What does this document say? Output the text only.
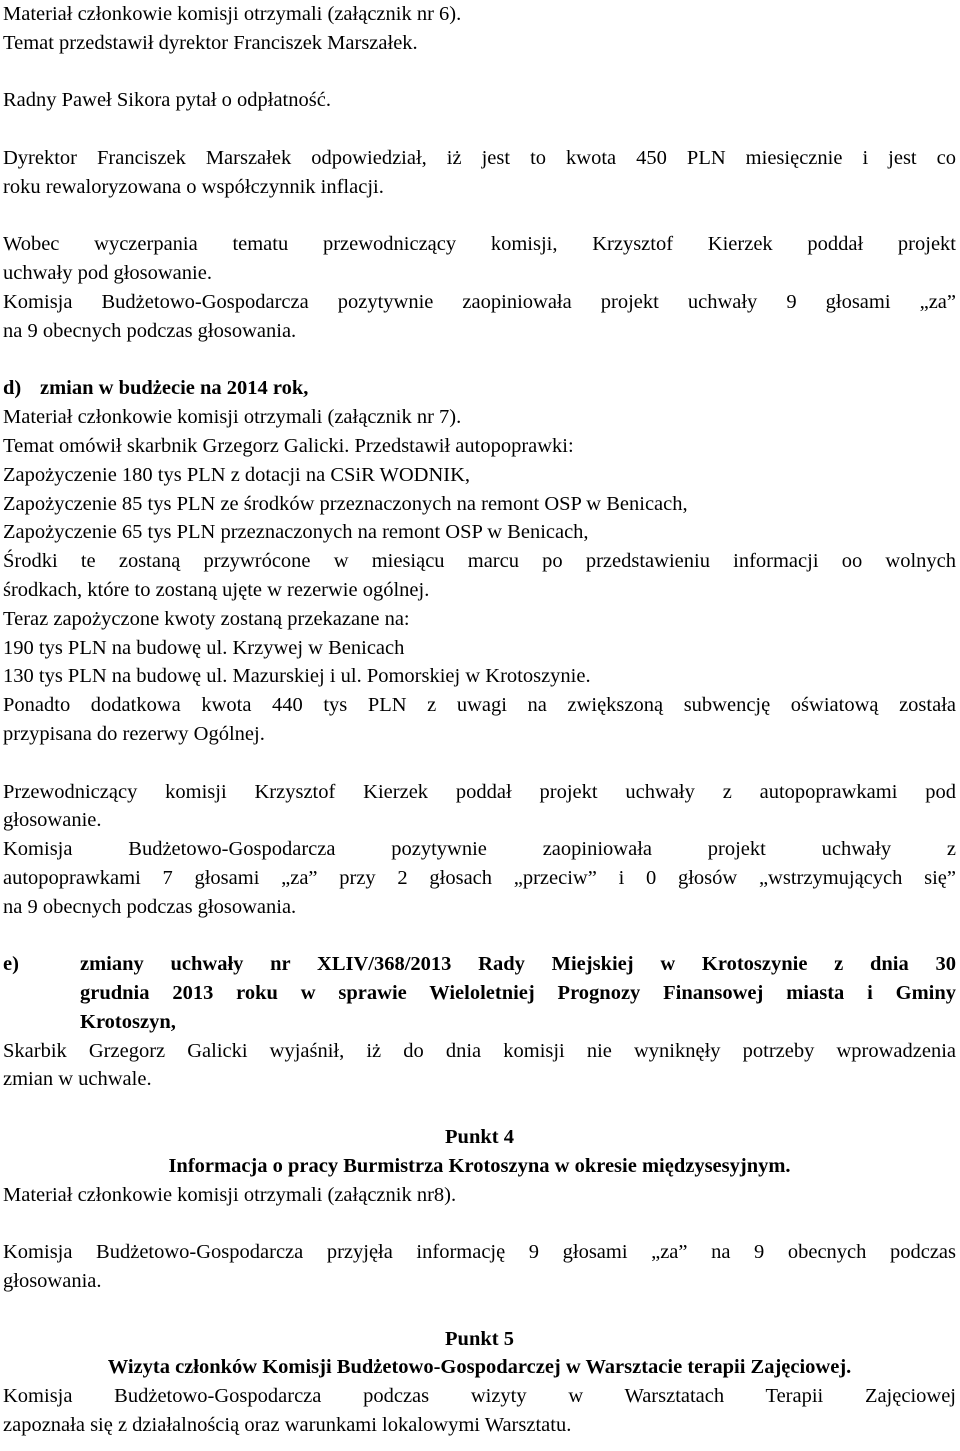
Materiał członkowie komisji otrzymali (załącznik nr 6).

Temat przedstawił dyrektor Franciszek Marszałek.

Radny Paweł Sikora pytał o odpłatność.

Dyrektor Franciszek Marszałek odpowiedział, iż jest to kwota 450 PLN miesięcznie i jest co

roku rewaloryzowana o współczynnik inflacji.

Wobec wyczerpania tematu przewodniczący komisji, Krzysztof Kierzek poddał projekt

uchwały pod głosowanie.

Komisja Budżetowo-Gospodarcza pozytywnie zaopiniowała projekt uchwały 9 głosami „za”

na 9 obecnych podczas głosowania.

d) zmian w budżecie na 2014 rok,

Materiał członkowie komisji otrzymali (załącznik nr 7).

Temat omówił skarbnik Grzegorz Galicki. Przedstawił autopoprawki:

Zapożyczenie 180 tys PLN z dotacji na CSiR WODNIK,

Zapożyczenie 85 tys PLN ze środków przeznaczonych na remont OSP w Benicach,

Zapożyczenie 65 tys PLN przeznaczonych na remont OSP w Benicach,

Środki te zostaną przywrócone w miesiącu marcu po przedstawieniu informacji oo wolnych

środkach, które to zostaną ujęte w rezerwie ogólnej.

Teraz zapożyczone kwoty zostaną przekazane na:

190 tys PLN na budowę ul. Krzywej w Benicach

130 tys PLN na budowę ul. Mazurskiej i ul. Pomorskiej w Krotoszynie.

Ponadto dodatkowa kwota 440 tys PLN z uwagi na zwiększoną subwencję oświatową została

przypisana do rezerwy Ogólnej.

Przewodniczący komisji Krzysztof Kierzek poddał projekt uchwały z autopoprawkami pod

głosowanie.

Komisja Budżetowo-Gospodarcza pozytywnie zaopiniowała projekt uchwały z

autopoprawkami 7 głosami „za” przy 2 głosach „przeciw” i 0 głosów „wstrzymujących się”

na 9 obecnych podczas głosowania.

e)	zmiany uchwały nr XLIV/368/2013 Rady Miejskiej w Krotoszynie z dnia 30
grudnia 2013 roku w sprawie Wieloletniej Prognozy Finansowej miasta i Gminy
Krotoszyn,

Skarbik Grzegorz Galicki wyjaśnił, iż do dnia komisji nie wyniknęły potrzeby wprowadzenia

zmian w uchwale.

Punkt 4

Informacja o pracy Burmistrza Krotoszyna w okresie międzysesyjnym.

Materiał członkowie komisji otrzymali (załącznik nr8).

Komisja Budżetowo-Gospodarcza przyjęła informację 9 głosami „za” na 9 obecnych podczas

głosowania.

Punkt 5

Wizyta członków Komisji Budżetowo-Gospodarczej w Warsztacie terapii Zajęciowej.

Komisja Budżetowo-Gospodarcza podczas wizyty w Warsztatach Terapii Zajęciowej

zapoznała się z działalnością oraz warunkami lokalowymi Warsztatu.
